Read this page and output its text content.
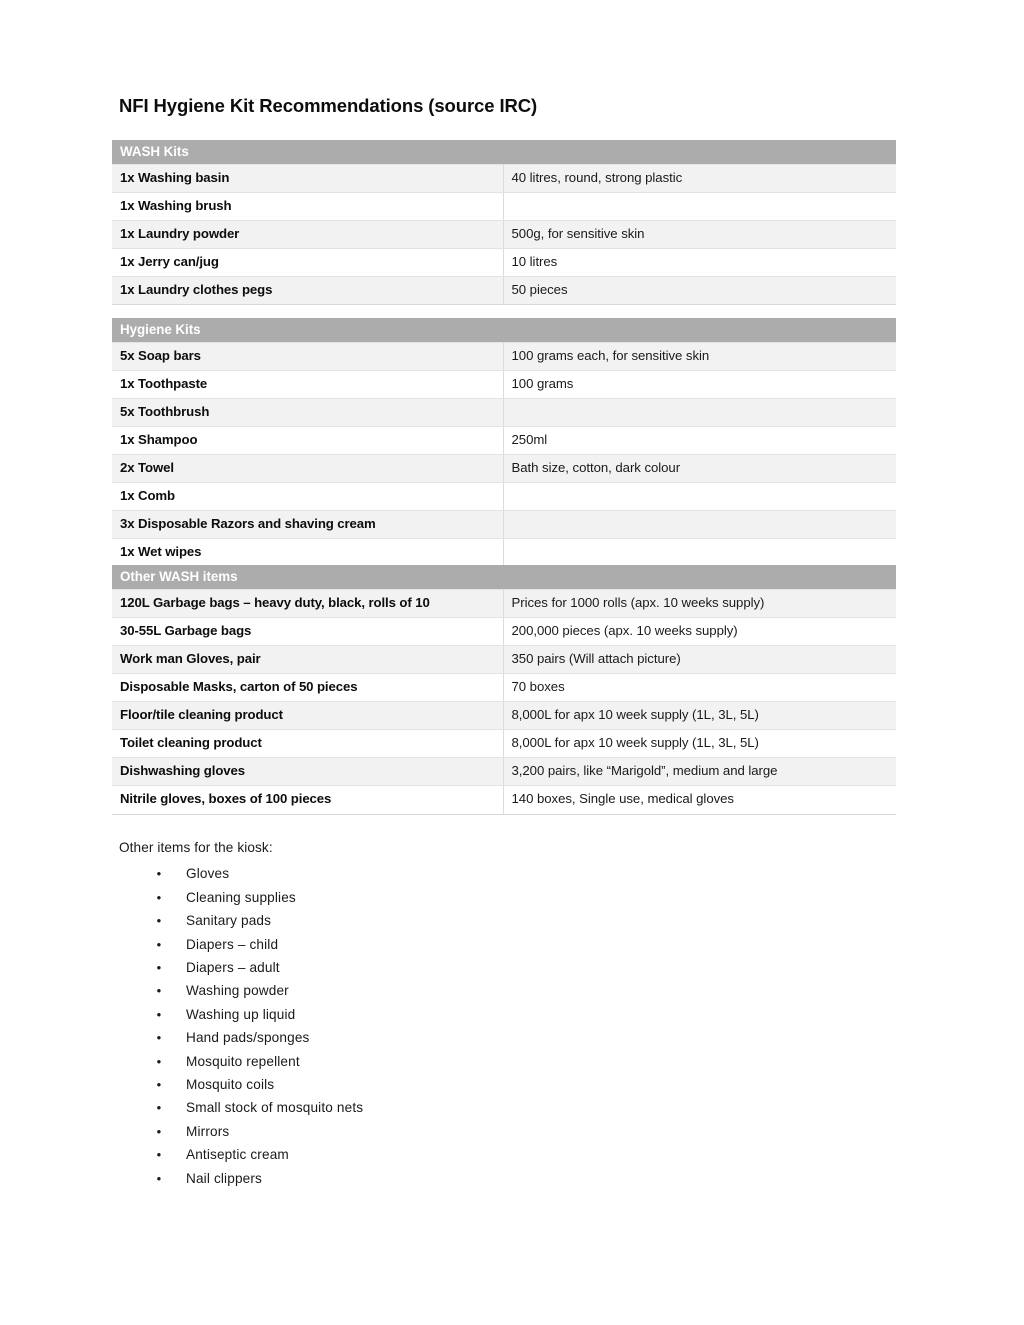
NFI Hygiene Kit Recommendations (source IRC)
WASH Kits	
1x Washing basin	40 litres, round, strong plastic
1x Washing brush	
1x Laundry powder	500g, for sensitive skin
1x Jerry can/jug	10 litres
1x Laundry clothes pegs	50 pieces
Hygiene Kits	
5x Soap bars	100 grams each, for sensitive skin
1x Toothpaste	100 grams
5x Toothbrush	
1x Shampoo	250ml
2x Towel	Bath size, cotton, dark colour
1x Comb	
3x Disposable Razors and shaving cream	
1x Wet wipes	
Other WASH items	
120L Garbage bags – heavy duty, black, rolls of 10	Prices for 1000 rolls (apx. 10 weeks supply)
30-55L Garbage bags	200,000 pieces (apx. 10 weeks supply)
Work man Gloves, pair	350 pairs (Will attach picture)
Disposable Masks, carton of 50 pieces	70 boxes
Floor/tile cleaning product	8,000L for apx 10 week supply (1L, 3L, 5L)
Toilet cleaning product	8,000L for apx 10 week supply (1L, 3L, 5L)
Dishwashing gloves	3,200 pairs, like “Marigold”, medium and large
Nitrile gloves, boxes of 100 pieces	140 boxes, Single use, medical gloves

Other items for the kiosk:

• Gloves
• Cleaning supplies
• Sanitary pads
• Diapers – child
• Diapers – adult
• Washing powder
• Washing up liquid
• Hand pads/sponges
• Mosquito repellent
• Mosquito coils
• Small stock of mosquito nets
• Mirrors
• Antiseptic cream
• Nail clippers
